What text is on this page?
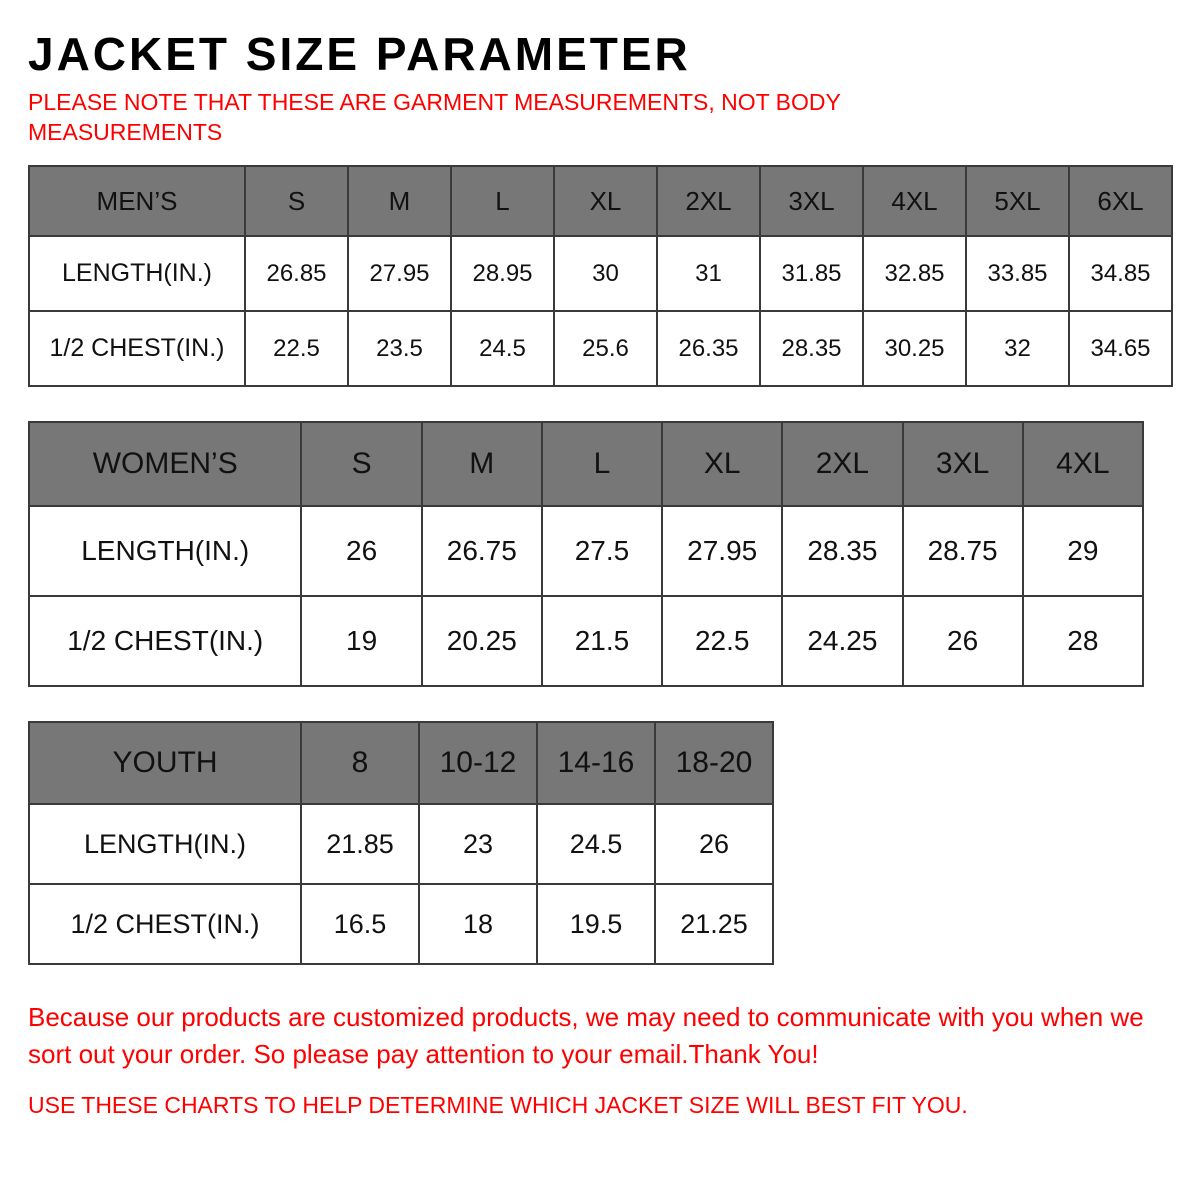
JACKET SIZE PARAMETER

PLEASE NOTE THAT THESE ARE GARMENT MEASUREMENTS, NOT BODY MEASUREMENTS

MEN’S	S	M	L	XL	2XL	3XL	4XL	5XL	6XL
LENGTH(IN.)	26.85	27.95	28.95	30	31	31.85	32.85	33.85	34.85
1/2 CHEST(IN.)	22.5	23.5	24.5	25.6	26.35	28.35	30.25	32	34.65
WOMEN’S	S	M	L	XL	2XL	3XL	4XL
LENGTH(IN.)	26	26.75	27.5	27.95	28.35	28.75	29
1/2 CHEST(IN.)	19	20.25	21.5	22.5	24.25	26	28
YOUTH	8	10-12	14-16	18-20
LENGTH(IN.)	21.85	23	24.5	26
1/2 CHEST(IN.)	16.5	18	19.5	21.25

Because our products are customized products, we may need to communicate with you when we sort out your order. So please pay attention to your email.Thank You!

USE THESE CHARTS TO HELP DETERMINE WHICH JACKET SIZE WILL BEST FIT YOU.
